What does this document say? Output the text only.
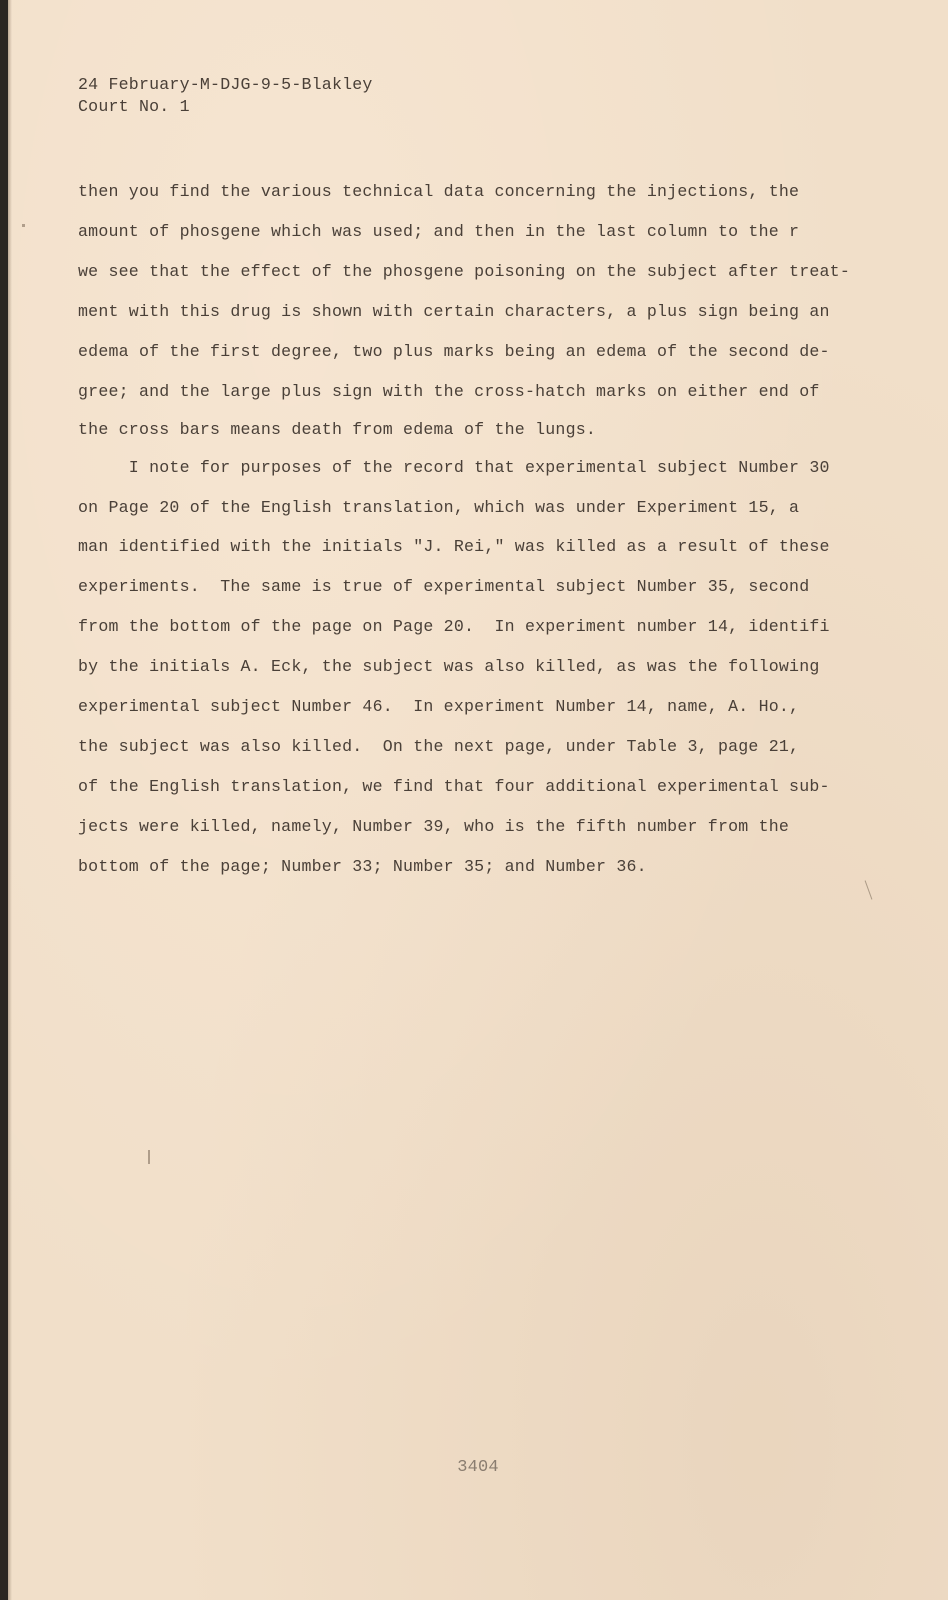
24 February-M-DJG-9-5-Blakley
Court No. 1
then you find the various technical data concerning the injections, the
amount of phosgene which was used; and then in the last column to the r
we see that the effect of the phosgene poisoning on the subject after treat-
ment with this drug is shown with certain characters, a plus sign being an
edema of the first degree, two plus marks being an edema of the second de-
gree; and the large plus sign with the cross-hatch marks on either end of
the cross bars means death from edema of the lungs.
I note for purposes of the record that experimental subject Number 30
on Page 20 of the English translation, which was under Experiment 15, a
man identified with the initials "J. Rei," was killed as a result of these
experiments.  The same is true of experimental subject Number 35, second
from the bottom of the page on Page 20.  In experiment number 14, identifi
by the initials A. Eck, the subject was also killed, as was the following
experimental subject Number 46.  In experiment Number 14, name, A. Ho.,
the subject was also killed.  On the next page, under Table 3, page 21,
of the English translation, we find that four additional experimental sub-
jects were killed, namely, Number 39, who is the fifth number from the
bottom of the page; Number 33; Number 35; and Number 36.
3404
